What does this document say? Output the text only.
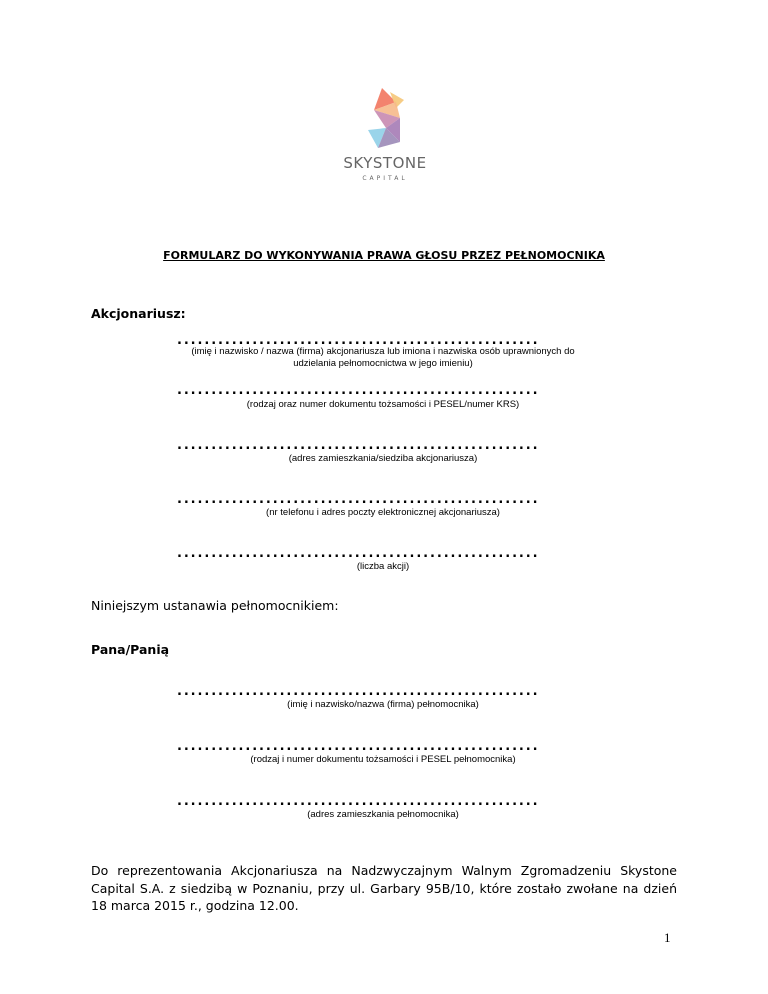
SKYSTONE
CAPITAL
FORMULARZ DO WYKONYWANIA PRAWA GŁOSU PRZEZ PEŁNOMOCNIKA
Akcjonariusz:
.....................................................
(imię i nazwisko / nazwa (firma) akcjonariusza lub imiona i nazwiska osób uprawnionych do udzielania pełnomocnictwa w jego imieniu)
.....................................................
(rodzaj oraz numer dokumentu tożsamości i PESEL/numer KRS)
.....................................................
(adres zamieszkania/siedziba akcjonariusza)
.....................................................
(nr telefonu i adres poczty elektronicznej akcjonariusza)
.....................................................
(liczba akcji)
Niniejszym ustanawia pełnomocnikiem:
Pana/Panią
.....................................................
(imię i nazwisko/nazwa (firma) pełnomocnika)
.....................................................
(rodzaj i numer dokumentu tożsamości i PESEL pełnomocnika)
.....................................................
(adres zamieszkania pełnomocnika)
Do reprezentowania Akcjonariusza na Nadzwyczajnym Walnym Zgromadzeniu Skystone Capital S.A. z siedzibą w Poznaniu, przy ul. Garbary 95B/10, które zostało zwołane na dzień 18 marca 2015 r., godzina 12.00.
1
